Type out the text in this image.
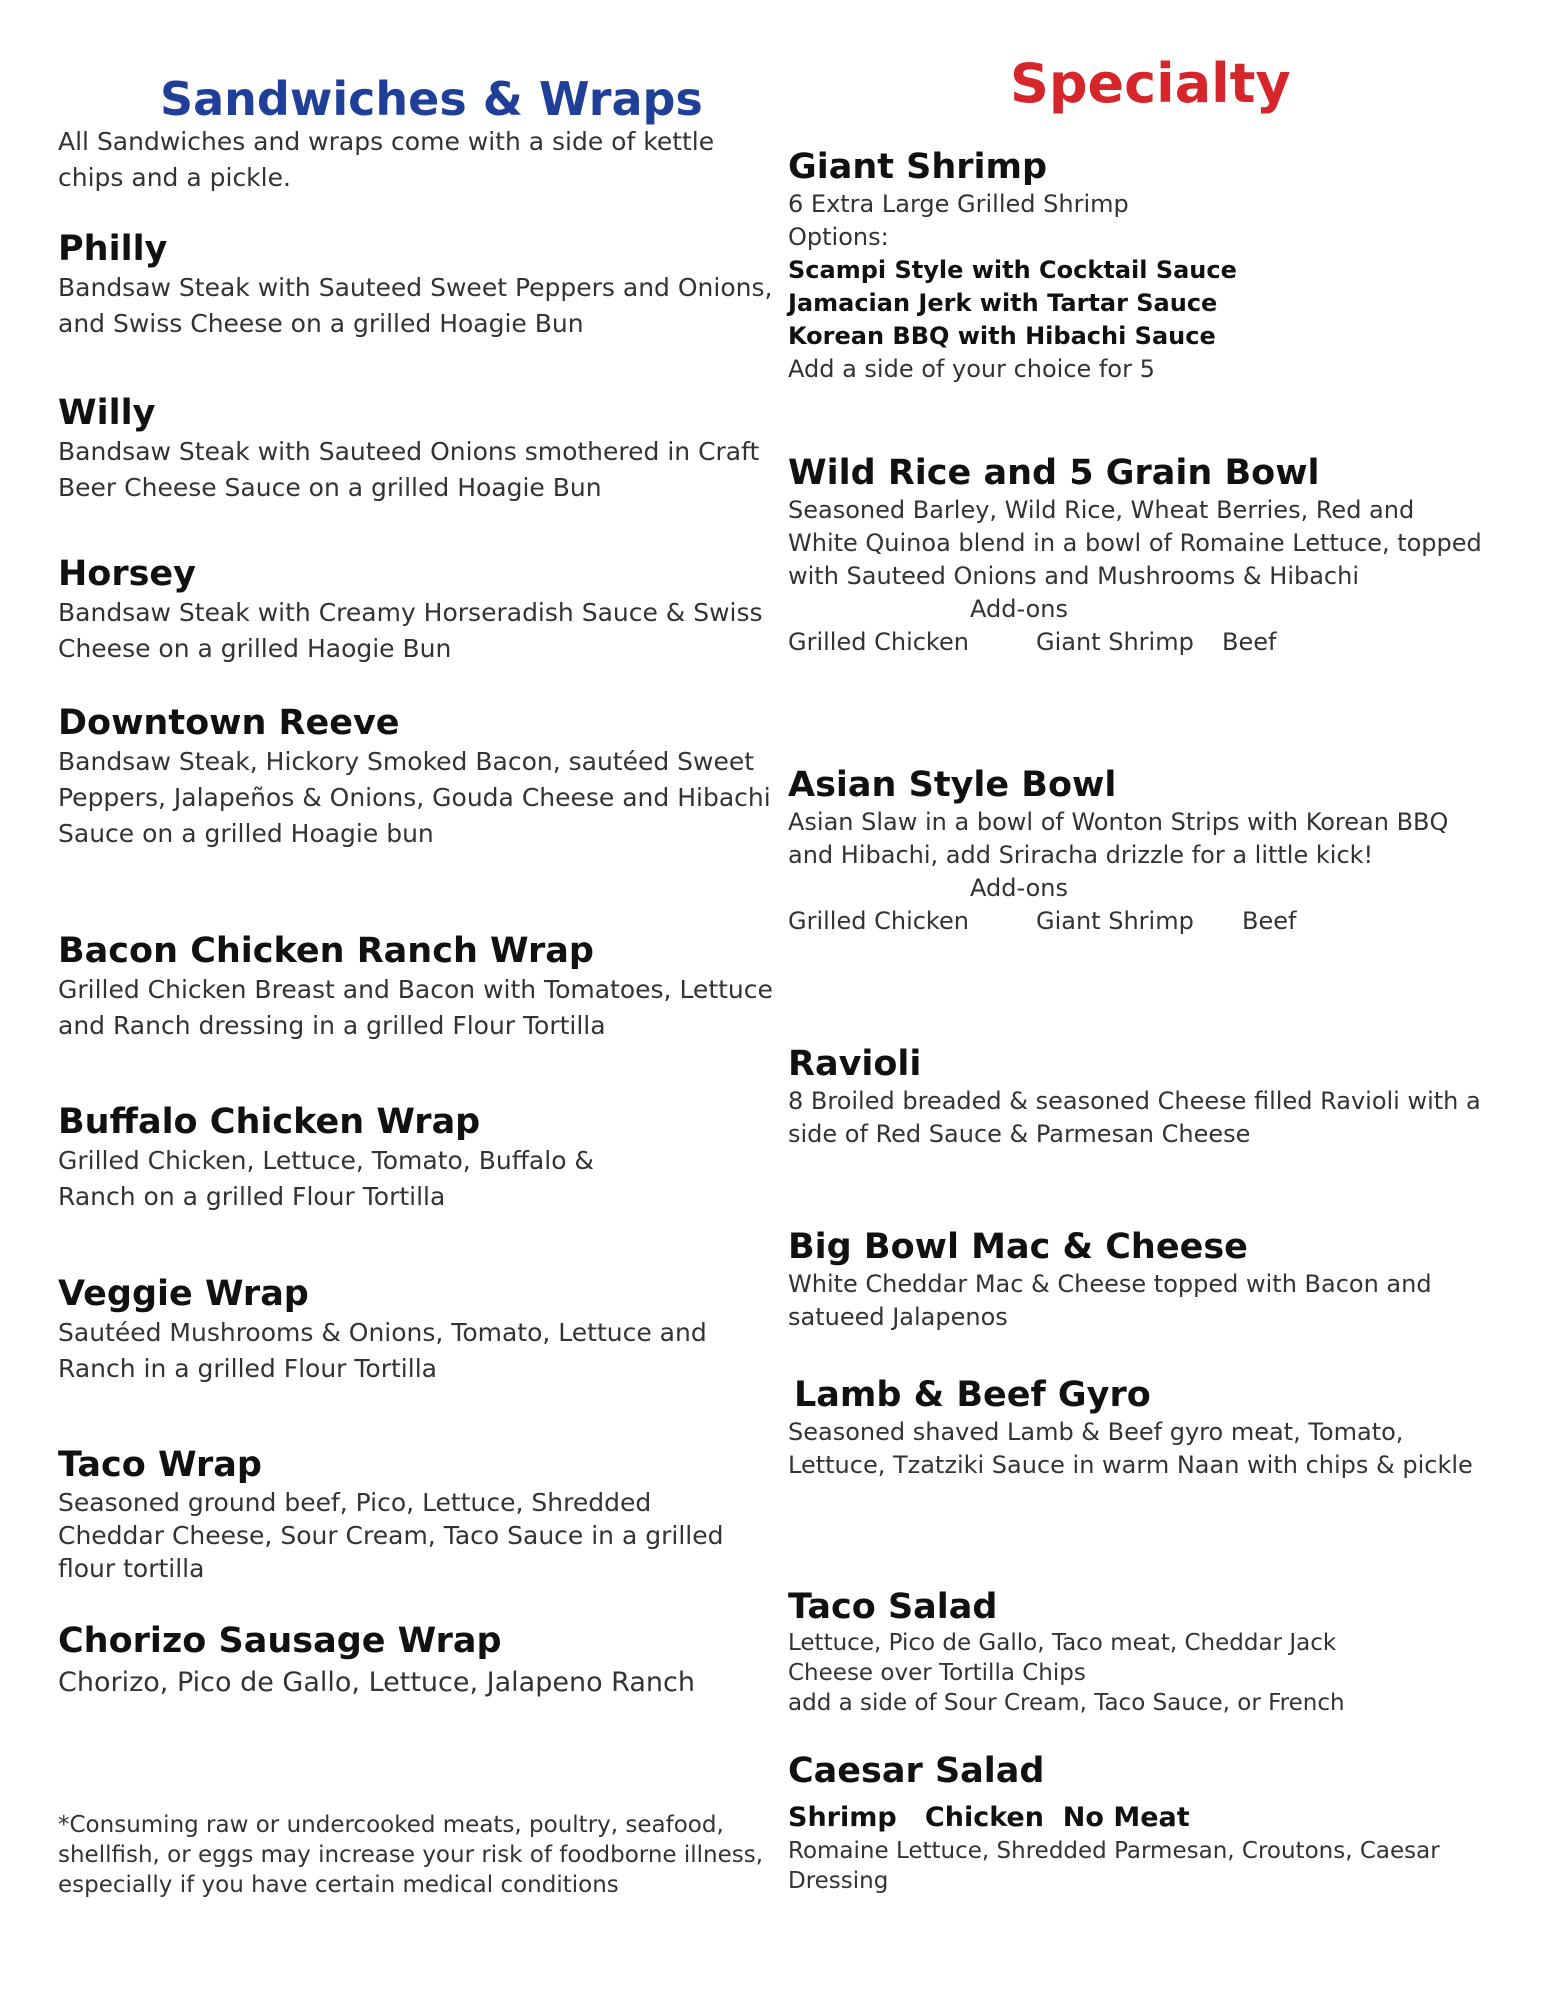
Sandwiches & Wraps
All Sandwiches and wraps come with a side of kettle chips and a pickle.
Philly
Bandsaw Steak with Sauteed Sweet Peppers and Onions, and Swiss Cheese on a grilled Hoagie Bun
Willy
Bandsaw Steak with Sauteed Onions smothered in Craft Beer Cheese Sauce on a grilled Hoagie Bun
Horsey
Bandsaw Steak with Creamy Horseradish Sauce & Swiss Cheese on a grilled Haogie Bun
Downtown Reeve
Bandsaw Steak, Hickory Smoked Bacon, sautéed Sweet Peppers, Jalapeños & Onions, Gouda Cheese and Hibachi Sauce on a grilled Hoagie bun
Bacon Chicken Ranch Wrap
Grilled Chicken Breast and Bacon with Tomatoes, Lettuce and Ranch dressing in a grilled Flour Tortilla
Buffalo Chicken Wrap
Grilled Chicken, Lettuce, Tomato, Buffalo & Ranch on a grilled Flour Tortilla
Veggie Wrap
Sautéed Mushrooms & Onions, Tomato, Lettuce and Ranch in a grilled Flour Tortilla
Taco Wrap
Seasoned ground beef, Pico, Lettuce, Shredded Cheddar Cheese, Sour Cream, Taco Sauce in a grilled flour tortilla
Chorizo Sausage Wrap
Chorizo, Pico de Gallo, Lettuce, Jalapeno Ranch
*Consuming raw or undercooked meats, poultry, seafood, shellfish, or eggs may increase your risk of foodborne illness, especially if you have certain medical conditions
Specialty
Giant Shrimp
6 Extra Large Grilled Shrimp
Options:
Scampi Style with Cocktail Sauce
Jamacian Jerk with Tartar Sauce
Korean BBQ with Hibachi Sauce
Add a side of your choice for 5
Wild Rice and 5 Grain Bowl
Seasoned Barley, Wild Rice, Wheat Berries, Red and White Quinoa blend in a bowl of Romaine Lettuce, topped with Sauteed Onions and Mushrooms & Hibachi
Add-ons
Grilled Chicken	Giant Shrimp Beef
Asian Style Bowl
Asian Slaw in a bowl of Wonton Strips with Korean BBQ and Hibachi, add Sriracha drizzle for a little kick!
Add-ons
Grilled Chicken	Giant Shrimp Beef
Ravioli
8 Broiled breaded & seasoned Cheese filled Ravioli with a side of Red Sauce & Parmesan Cheese
Big Bowl Mac & Cheese
White Cheddar Mac & Cheese topped with Bacon and satueed Jalapenos
Lamb & Beef Gyro
Seasoned shaved Lamb & Beef gyro meat, Tomato, Lettuce, Tzatziki Sauce in warm Naan with chips & pickle
Taco Salad
Lettuce, Pico de Gallo, Taco meat, Cheddar Jack Cheese over Tortilla Chips
add a side of Sour Cream, Taco Sauce, or French
Caesar Salad
Shrimp Chicken No Meat
Romaine Lettuce, Shredded Parmesan, Croutons, Caesar Dressing
